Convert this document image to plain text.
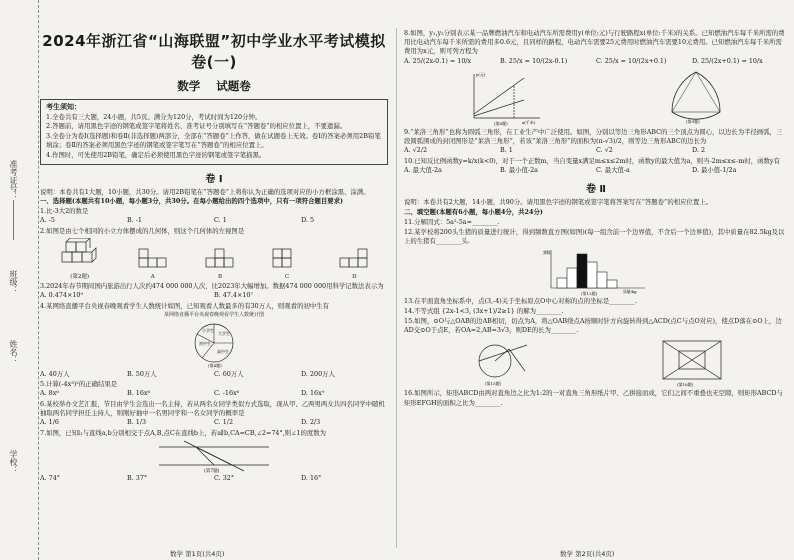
准考证号：
班级：
姓名：
学校：
2024年浙江省“山海联盟”初中学业水平考试模拟卷(一)
数学 试题卷
考生须知：
1.全卷共有三大题，24小题，共5页。满分为120分，考试时间为120分钟。
2.答题前，请用黑色字迹的钢笔或签字笔将姓名、准考证号分别填写在“答题卷”的相应位置上，不要遗漏。
3.全卷分为卷Ⅰ(选择题)和卷Ⅱ(非选择题)两部分，全部在“答题卷”上作答，做在试题卷上无效。卷Ⅰ的答案必须用2B铅笔填涂；卷Ⅱ的答案必须用黑色字迹的钢笔或签字笔写在“答题卷”的相应位置上。
4.作图时，可先使用2B铅笔，确定后必须使用黑色字迹的钢笔或签字笔描黑。
卷 Ⅰ
说明：本卷共有1大题，10小题，共30分。请用2B铅笔在“答题卷”上将你认为正确的选项对应的小方框涂黑、涂满。
一、选择题(本题共有10小题，每小题3分，共30分。在每小题给出的四个选项中，只有一项符合题目要求)
1.比-3大2的数是
A. -5	B. -1	C. 1	D. 5
2.如图是由七个相同的小立方体摆成的几何体，则这个几何体的左视图是
(第2题)	A	B	C	D
3.2024年春节期间国内旅游出行人次约474 000 000人次，比2023年大幅增加。数据474 000 000用科学记数法表示为
A. 0.474×10⁹	B. 47.4×10⁷
4.某网络直播平台央视春晚观看学生人数统计如图，已知观看人数最多的有30万人，则观看的初中生有
某网络直播平台央视春晚观看学生人数统计图
初中生
高中生
大学生
小学生
(第4题)
A. 40万人	B. 50万人	C. 60万人	D. 200万人
5.计算(-4x³)²的正确结果是
A. 8x⁶	B. 16x⁶	C. -16x⁶	D. 16x⁹
6.某校举办文艺汇报，节目由学生会选出一名主持，若从两名女同学类似方式选取，现从甲、乙两男两女共四名同学中随机抽取两名同学担任主持人，则刚好抽中一名男同学和一名女同学的概率是
A. 1/6	B. 1/3	C. 1/2	D. 2/3
7.如图，已知l₁与直线a,b分别相交于点A,B,点C在直线b上，若a∥b,CA=CB,∠2=74°,则∠1的度数为
(第7题)
A. 74°	B. 37°	C. 32°	D. 16°
数学 第1页(共4页)
8.如图，y₁,y₂分别表示某一品牌燃油汽车和电动汽车所需费用y(单位:元)与行驶路程x(单位:千米)的关系。已知燃油汽车每千米所需的费用比电动汽车每千米所需的费用多0.6元，且同样的路程，电动汽车需要25元费用时燃油汽车需要10元费用。已知燃油汽车每千米所需费用为x元，则可列方程为
A. 25/(2x-0.1) = 10/x	B. 25/x = 10/(2x-0.1)	C. 25/x = 10/(2x+0.1)	D. 25/(2x+0.1) = 10/x
y(元)
x(千米)
(第8题)	(第9题)
9.“莱洛三角形”也称为圆弧三角形，在工业生产中广泛使用。如图，分别以等边三角形ABC的三个顶点为圆心，以边长为半径画弧，三段圆弧围成的封闭图形是“莱洛三角形”，若该“莱洛三角形”的面积为(π-√3)/2，则等边三角形ABC的边长为
A. √2/2	B. 1	C. √2	D. 2
10.已知反比例函数y=k/x(k<0)，对于一个正数m，当自变量x满足m≤x≤2m时，函数y的最大值为a，则当-2m≤x≤-m时，函数y有
A. 最大值-2a	B. 最小值-2a	C. 最大值-a	D. 最小值-1/2a
卷 Ⅱ
说明：本卷共有2大题，14小题，共90分。请用黑色字迹的钢笔或签字笔将答案写在“答题卷”的相应位置上。
二、填空题(本题有6小题，每小题4分，共24分)
11.分解因式：5a²-5a=________.
12.某学校将200头生猪的质量进行统计，得到频数直方图(如图)(每一组含前一个边界值，不含后一个边界值)，其中质量在82.5kg及以上的生猪有________头.
频数
质量/kg
(第12题)
13.在平面直角坐标系中，点(3,-4)关于坐标原点O中心对称的点的坐标是________.
14.不等式组 {2x-1<3, (3x+1)/2≥1} 的解为________.
15.如图，⊙O与△OAB的边AB相切，切点为A，将△OAB绕点A按顺时针方向旋转得到△ACD(点C与点O对应)，使点D落在⊙O上，边AD交⊙O于点E，若OA=2,AB=3√3，则DE的长为________.
(第15题)	(第16题)
16.如图所示，矩形ABCD由两对直角边之比为1:2的一对直角三角形纸片甲、乙拼接而成，它们之间不重叠也无空隙，则矩形ABCD与矩形EFGH的面积之比为________.
数学 第2页(共4页)
